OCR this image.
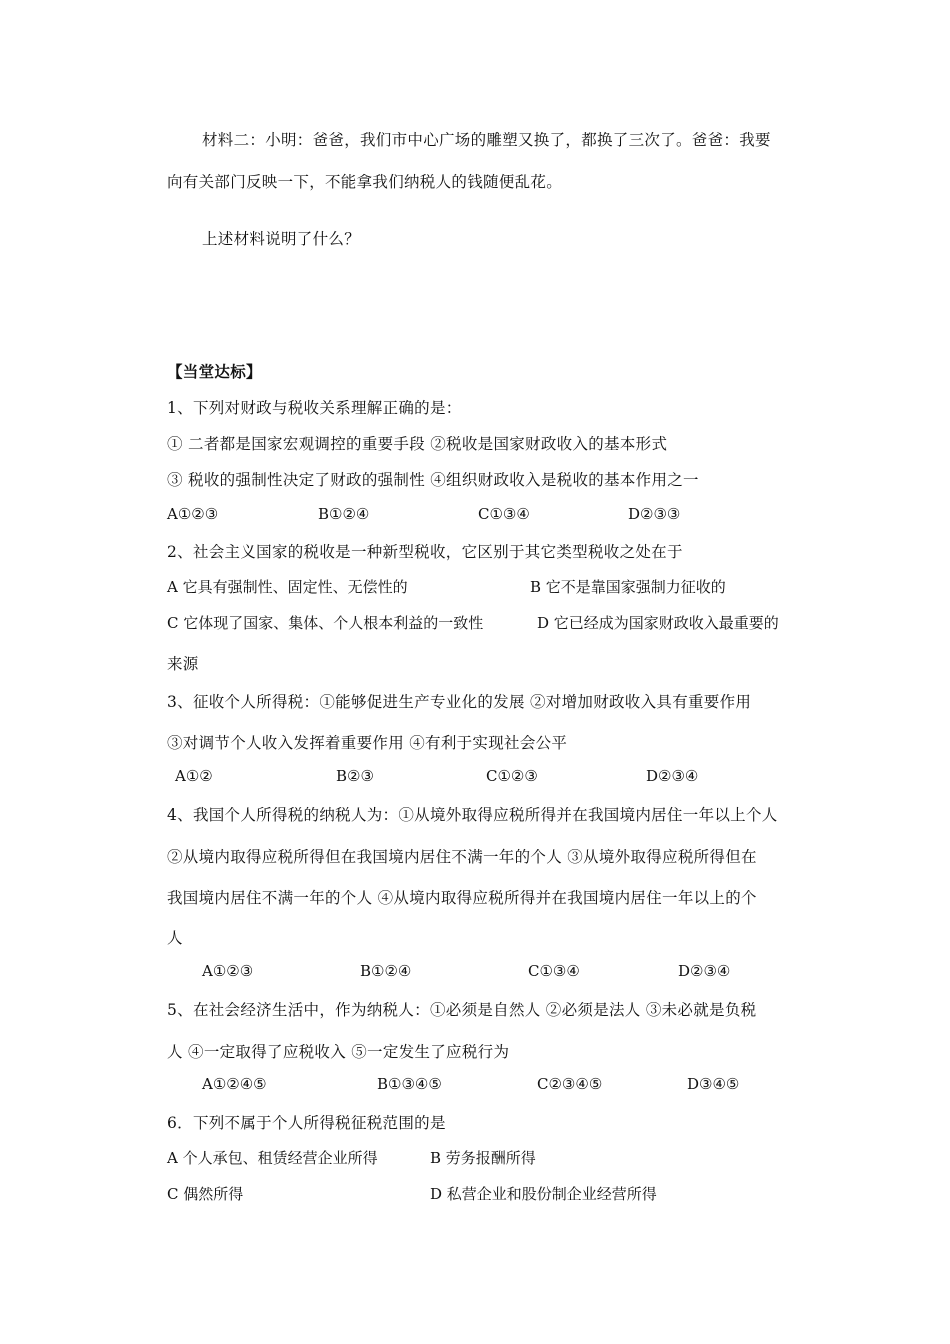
材料二：小明：爸爸，我们市中心广场的雕塑又换了，都换了三次了。爸爸：我要
向有关部门反映一下，不能拿我们纳税人的钱随便乱花。
上述材料说明了什么？
【当堂达标】
1、下列对财政与税收关系理解正确的是：
① 二者都是国家宏观调控的重要手段 ②税收是国家财政收入的基本形式
③ 税收的强制性决定了财政的强制性 ④组织财政收入是税收的基本作用之一
A①②③	B①②④	C①③④	D②③③
2、社会主义国家的税收是一种新型税收，它区别于其它类型税收之处在于
A 它具有强制性、固定性、无偿性的	B 它不是靠国家强制力征收的
C 它体现了国家、集体、个人根本利益的一致性	D 它已经成为国家财政收入最重要的
来源
3、征收个人所得税：①能够促进生产专业化的发展 ②对增加财政收入具有重要作用
③对调节个人收入发挥着重要作用 ④有利于实现社会公平
A①②	B②③	C①②③	D②③④
4、我国个人所得税的纳税人为：①从境外取得应税所得并在我国境内居住一年以上个人
②从境内取得应税所得但在我国境内居住不满一年的个人 ③从境外取得应税所得但在
我国境内居住不满一年的个人 ④从境内取得应税所得并在我国境内居住一年以上的个
人
A①②③	B①②④	C①③④	D②③④
5、在社会经济生活中，作为纳税人：①必须是自然人 ②必须是法人 ③未必就是负税
人 ④一定取得了应税收入 ⑤一定发生了应税行为
A①②④⑤	B①③④⑤	C②③④⑤	D③④⑤
6．下列不属于个人所得税征税范围的是
A 个人承包、租赁经营企业所得	B 劳务报酬所得
C 偶然所得	D 私营企业和股份制企业经营所得
